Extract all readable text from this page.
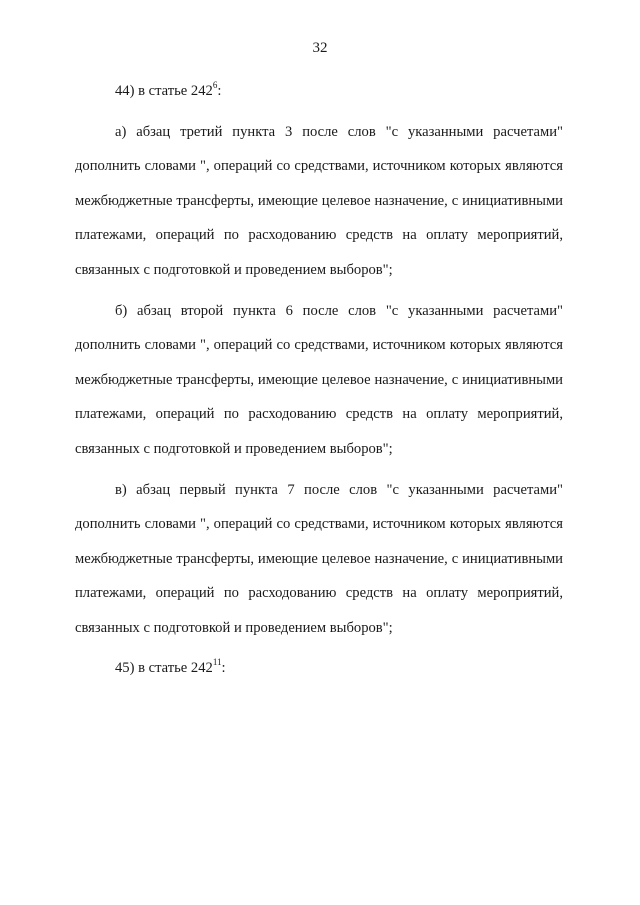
32

44) в статье $242^6$:

а) абзац третий пункта 3 после слов "с указанными расчетами" дополнить словами ", операций со средствами, источником которых являются межбюджетные трансферты, имеющие целевое назначение, с инициативными платежами, операций по расходованию средств на оплату мероприятий, связанных с подготовкой и проведением выборов";

б) абзац второй пункта 6 после слов "с указанными расчетами" дополнить словами ", операций со средствами, источником которых являются межбюджетные трансферты, имеющие целевое назначение, с инициативными платежами, операций по расходованию средств на оплату мероприятий, связанных с подготовкой и проведением выборов";

в) абзац первый пункта 7 после слов "с указанными расчетами" дополнить словами ", операций со средствами, источником которых являются межбюджетные трансферты, имеющие целевое назначение, с инициативными платежами, операций по расходованию средств на оплату мероприятий, связанных с подготовкой и проведением выборов";

45) в статье $242^{11}$:
